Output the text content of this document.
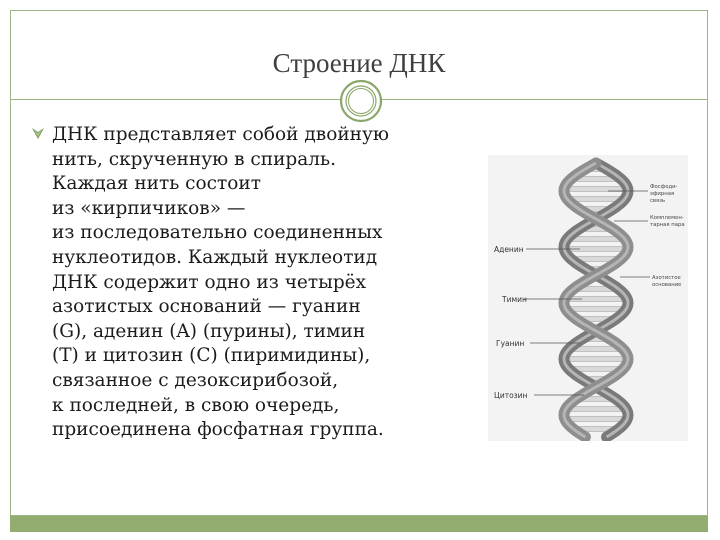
Строение ДНК
ДНК представляет собой двойную
нить, скрученную в спираль.
Каждая нить состоит
из «кирпичиков» —
из последовательно соединенных
нуклеотидов. Каждый нуклеотид
ДНК содержит одно из четырёх
азотистых оснований — гуанин
(G), аденин (A) (пурины), тимин
(T) и цитозин (C) (пиримидины),
связанное с дезоксирибозой,
к последней, в свою очередь,
присоединена фосфатная группа.
Аденин
Тимин
Гуанин
Цитозин
Фосфоди-
эфирная
связь
Комплемен-
тарная пара
Азотистое
основание
